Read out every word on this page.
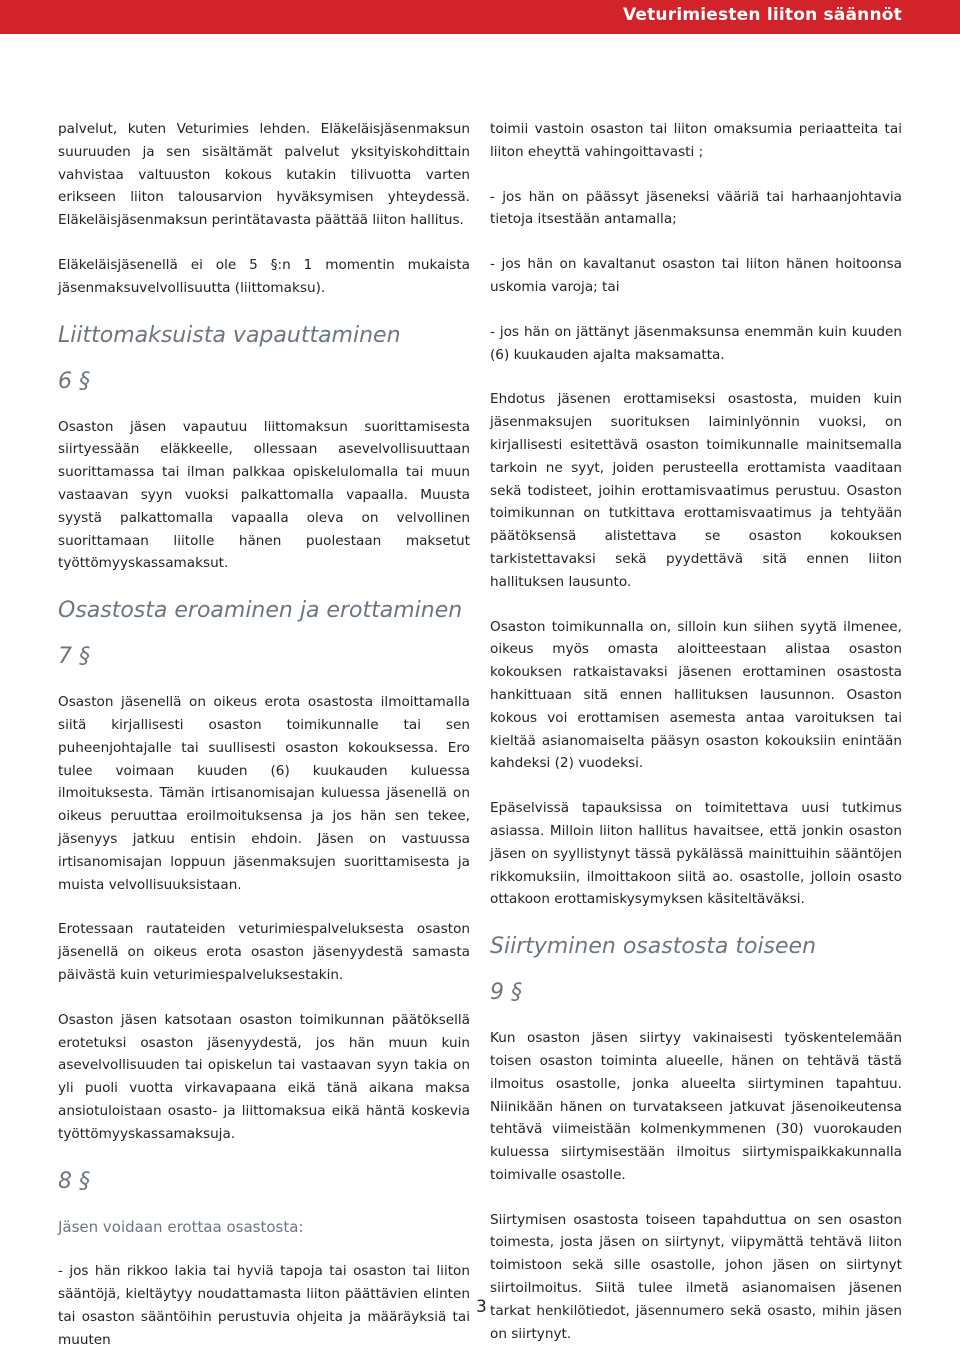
Veturimiesten liiton säännöt

palvelut, kuten Veturimies lehden. Eläkeläisjäsenmaksun suuruuden ja sen sisältämät palvelut yksityiskohdittain vahvistaa valtuuston kokous kutakin tilivuotta varten erikseen liiton talousarvion hyväksymisen yhteydessä. Eläkeläisjäsenmaksun perintätavasta päättää liiton hallitus.

Eläkeläisjäsenellä ei ole 5 §:n 1 momentin mukaista jäsenmaksuvelvollisuutta (liittomaksu).

Liittomaksuista vapauttaminen
6 §

Osaston jäsen vapautuu liittomaksun suorittamisesta siirtyessään eläkkeelle, ollessaan asevelvollisuuttaan suorittamassa tai ilman palkkaa opiskelulomalla tai muun vastaavan syyn vuoksi palkattomalla vapaalla. Muusta syystä palkattomalla vapaalla oleva on velvollinen suorittamaan liitolle hänen puolestaan maksetut työttömyyskassamaksut.

Osastosta eroaminen ja erottaminen
7 §

Osaston jäsenellä on oikeus erota osastosta ilmoittamalla siitä kirjallisesti osaston toimikunnalle tai sen puheenjohtajalle tai suullisesti osaston kokouksessa. Ero tulee voimaan kuuden (6) kuukauden kuluessa ilmoituksesta. Tämän irtisanomisajan kuluessa jäsenellä on oikeus peruuttaa eroilmoituksensa ja jos hän sen tekee, jäsenyys jatkuu entisin ehdoin. Jäsen on vastuussa irtisanomisajan loppuun jäsenmaksujen suorittamisesta ja muista velvollisuuksistaan.

Erotessaan rautateiden veturimiespalveluksesta osaston jäsenellä on oikeus erota osaston jäsenyydestä samasta päivästä kuin veturimiespalveluksestakin.

Osaston jäsen katsotaan osaston toimikunnan päätöksellä erotetuksi osaston jäsenyydestä, jos hän muun kuin asevelvollisuuden tai opiskelun tai vastaavan syyn takia on yli puoli vuotta virkavapaana eikä tänä aikana maksa ansiotuloistaan osasto- ja liittomaksua eikä häntä koskevia työttömyyskassamaksuja.

8 §
Jäsen voidaan erottaa osastosta:

- jos hän rikkoo lakia tai hyviä tapoja tai osaston tai liiton sääntöjä, kieltäytyy noudattamasta liiton päättävien elinten tai osaston sääntöihin perustuvia ohjeita ja määräyksiä tai muuten

toimii vastoin osaston tai liiton omaksumia periaatteita tai liiton eheyttä vahingoittavasti ;

- jos hän on päässyt jäseneksi vääriä tai harhaanjohtavia tietoja itsestään antamalla;

- jos hän on kavaltanut osaston tai liiton hänen hoitoonsa uskomia varoja; tai

- jos hän on jättänyt jäsenmaksunsa enemmän kuin kuuden (6) kuukauden ajalta maksamatta.

Ehdotus jäsenen erottamiseksi osastosta, muiden kuin jäsenmaksujen suorituksen laiminlyönnin vuoksi, on kirjallisesti esitettävä osaston toimikunnalle mainitsemalla tarkoin ne syyt, joiden perusteella erottamista vaaditaan sekä todisteet, joihin erottamisvaatimus perustuu. Osaston toimikunnan on tutkittava erottamisvaatimus ja tehtyään päätöksensä alistettava se osaston kokouksen tarkistettavaksi sekä pyydettävä sitä ennen liiton hallituksen lausunto.

Osaston toimikunnalla on, silloin kun siihen syytä ilmenee, oikeus myös omasta aloitteestaan alistaa osaston kokouksen ratkaistavaksi jäsenen erottaminen osastosta hankittuaan sitä ennen hallituksen lausunnon. Osaston kokous voi erottamisen asemesta antaa varoituksen tai kieltää asianomaiselta pääsyn osaston kokouksiin enintään kahdeksi (2) vuodeksi.

Epäselvissä tapauksissa on toimitettava uusi tutkimus asiassa. Milloin liiton hallitus havaitsee, että jonkin osaston jäsen on syyllistynyt tässä pykälässä mainittuihin sääntöjen rikkomuksiin, ilmoittakoon siitä ao. osastolle, jolloin osasto ottakoon erottamiskysymyksen käsiteltäväksi.

Siirtyminen osastosta toiseen
9 §

Kun osaston jäsen siirtyy vakinaisesti työskentelemään toisen osaston toiminta alueelle, hänen on tehtävä tästä ilmoitus osastolle, jonka alueelta siirtyminen tapahtuu. Niinikään hänen on turvatakseen jatkuvat jäsenoikeutensa tehtävä viimeistään kolmenkymmenen (30) vuorokauden kuluessa siirtymisestään ilmoitus siirtymispaikkakunnalla toimivalle osastolle.

Siirtymisen osastosta toiseen tapahduttua on sen osaston toimesta, josta jäsen on siirtynyt, viipymättä tehtävä liiton toimistoon sekä sille osastolle, johon jäsen on siirtynyt siirtoilmoitus. Siitä tulee ilmetä asianomaisen jäsenen tarkat henkilötiedot, jäsennumero sekä osasto, mihin jäsen on siirtynyt.

3
